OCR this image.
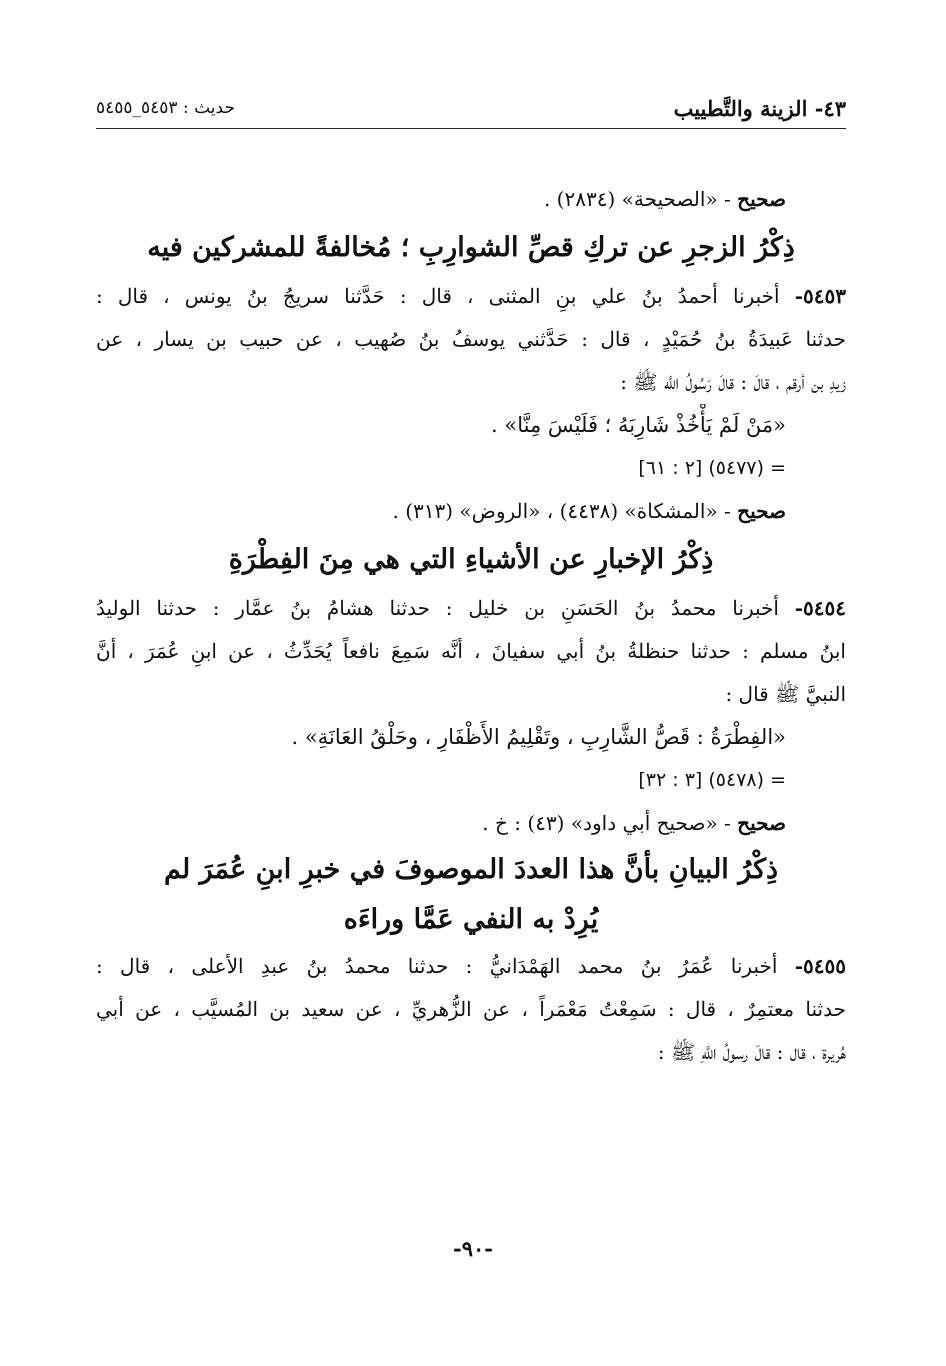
٤٣- الزينة والتَّطييب
حديث : ٥٤٥٣_٥٤٥٥
صحيح - «الصحيحة» (٢٨٣٤) .
ذِكْرُ الزجرِ عن تركِ قصِّ الشوارِبِ ؛ مُخالفةً للمشركين فيه
٥٤٥٣- أخبرنا أحمدُ بنُ علي بنِ المثنى ، قال : حَدَّثنا سريجُ بنُ يونس ، قال :
حدثنا عَبيدَةُ بنُ حُمَيْدٍ ، قال : حَدَّثني يوسفُ بنُ صُهيب ، عن حبيب بن يسار ، عن
زيدِ بن أرقم ، قالَ : قالَ رَسُولُ اللَّه ﷺ :
«مَنْ لَمْ يَأْخُذْ شَارِبَهُ ؛ فَلَيْسَ مِنَّا» .
= (٥٤٧٧) [٢ : ٦١]
صحيح - «المشكاة» (٤٤٣٨) ، «الروض» (٣١٣) .
ذِكْرُ الإخبارِ عن الأشياءِ التي هي مِنَ الفِطْرَةِ
٥٤٥٤- أخبرنا محمدُ بنُ الحَسَنِ بن خليل : حدثنا هشامُ بنُ عمَّار : حدثنا الوليدُ
ابنُ مسلم : حدثنا حنظلةُ بنُ أبي سفيانَ ، أنَّه سَمِعَ نافعاً يُحَدِّثُ ، عن ابنِ عُمَرَ ، أنَّ
النبيَّ ﷺ قال :
«الفِطْرَةُ : قَصُّ الشَّارِبِ ، وتَقْلِيمُ الأَظْفَارِ ، وحَلْقُ العَانَةِ» .
= (٥٤٧٨) [٣ : ٣٢]
صحيح - «صحيح أبي داود» (٤٣) : خ .
ذِكْرُ البيانِ بأنَّ هذا العددَ الموصوفَ في خبرِ ابنِ عُمَرَ لم
يُرِدْ به النفي عَمَّا وراءَه
٥٤٥٥- أخبرنا عُمَرُ بنُ محمد الهَمْدَانيُّ : حدثنا محمدُ بنُ عبدِ الأعلى ، قال :
حدثنا معتمِرٌ ، قال : سَمِعْتُ مَعْمَراً ، عن الزُّهريِّ ، عن سعيد بن المُسيَّب ، عن أبي
هُريرة ، قال : قالَ رسولُ اللَّهِ ﷺ :
-٩٠-
